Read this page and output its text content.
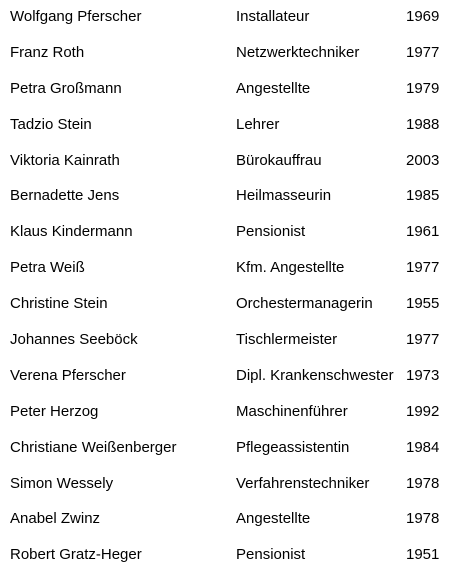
Wolfgang Pferscher	Installateur	1969
Franz Roth	Netzwerktechniker	1977
Petra Großmann	Angestellte	1979
Tadzio Stein	Lehrer	1988
Viktoria Kainrath	Bürokauffrau	2003
Bernadette Jens	Heilmasseurin	1985
Klaus Kindermann	Pensionist	1961
Petra Weiß	Kfm. Angestellte	1977
Christine Stein	Orchestermanagerin 1955
Johannes Seeböck	Tischlermeister	1977
Verena Pferscher	Dipl. Krankenschwester 1973
Peter Herzog	Maschinenführer	1992
Christiane Weißenberger	Pflegeassistentin	1984
Simon Wessely	Verfahrenstechniker 1978
Anabel Zwinz	Angestellte	1978
Robert Gratz-Heger	Pensionist	1951
